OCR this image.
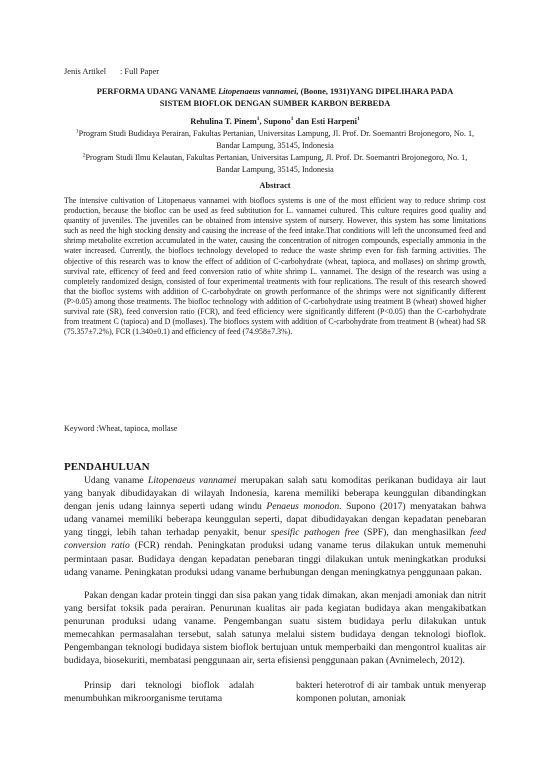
Jenis Artikel : Full Paper
PERFORMA UDANG VANAME Litopenaeus vannamei, (Boone, 1931)YANG DIPELIHARA PADA
SISTEM BIOFLOK DENGAN SUMBER KARBON BERBEDA
Rehulina T. Pinem$^1$, Supono$^1$ dan Esti Harpeni$^1$
$^1$Program Studi Budidaya Perairan, Fakultas Pertanian, Universitas Lampung, Jl. Prof. Dr. Soemantri Brojonegoro, No. 1, Bandar Lampung, 35145, Indonesia
$^2$Program Studi Ilmu Kelautan, Fakultas Pertanian, Universitas Lampung, Jl. Prof. Dr. Soemantri Brojonegoro, No. 1, Bandar Lampung, 35145, Indonesia
Abstract
The intensive cultivation of Litopenaeus vannamei with bioflocs systems is one of the most efficient way to reduce shrimp cost production, because the biofloc can be used as feed subtitution for L. vannamei cultured. This culture requires good quality and quantity of juveniles. The juveniles can be obtained from intensive system of nursery. However, this system has some limitations such as need the high stocking density and causing the increase of the feed intake.That conditions will left the unconsumed feed and shrimp metabolite excretion accumulated in the water, causing the concentration of nitrogen compounds, especially ammonia in the water increased. Currently, the bioflocs technology developed to reduce the waste shrimp even for fish farming activities. The objective of this research was to know the effect of addition of C-carbohydrate (wheat, tapioca, and mollases) on shrimp growth, survival rate, efficency of feed and feed conversion ratio of white shrimp L. vannamei. The design of the research was using a completely randomized design, consisted of four experimental treatments with four replications. The result of this research showed that the biofloc systems with addition of C-carbohydrate on growth performance of the shrimps were not significantly different (P>0.05) among those treatments. The biofloc technology with addition of C-carbohydrate using treatment B (wheat) showed higher survival rate (SR), feed conversion ratio (FCR), and feed efficiency were significantly different (P<0.05) than the C-carbohydrate from treatment C (tapioca) and D (mollases). The bioflocs system with addition of C-carbohydrate from treatment B (wheat) had SR (75.357±7.2%), FCR (1.340±0.1) and efficiency of feed (74.958±7.3%).
Keyword :Wheat, tapioca, mollase
PENDAHULUAN
Udang vaname Litopenaeus vannamei merupakan salah satu komoditas perikanan budidaya air laut yang banyak dibudidayakan di wilayah Indonesia, karena memiliki beberapa keunggulan dibandingkan dengan jenis udang lainnya seperti udang windu Penaeus monodon. Supono (2017) menyatakan bahwa udang vanamei memiliki beberapa keunggulan seperti, dapat dibudidayakan dengan kepadatan penebaran yang tinggi, lebih tahan terhadap penyakit, benur spesific pathogen free (SPF), dan menghasilkan feed conversion ratio (FCR) rendah. Peningkatan produksi udang vaname terus dilakukan untuk memenuhi permintaan pasar. Budidaya dengan kepadatan penebaran tinggi dilakukan untuk meningkatkan produksi udang vaname. Peningkatan produksi udang vaname berhubungan dengan meningkatnya penggunaan pakan.
Pakan dengan kadar protein tinggi dan sisa pakan yang tidak dimakan, akan menjadi amoniak dan nitrit yang bersifat toksik pada perairan. Penurunan kualitas air pada kegiatan budidaya akan mengakibatkan penurunan produksi udang vaname. Pengembangan suatu sistem budidaya perlu dilakukan untuk memecahkan permasalahan tersebut, salah satunya melalui sistem budidaya dengan teknologi bioflok. Pengembangan teknologi budidaya sistem bioflok bertujuan untuk memperbaiki dan mengontrol kualitas air budidaya, biosekuriti, membatasi penggunaan air, serta efisiensi penggunaan pakan (Avnimelech, 2012).
Prinsip dari teknologi bioflok adalah menumbuhkan mikroorganisme terutama
bakteri heterotrof di air tambak untuk menyerap komponen polutan, amoniak
